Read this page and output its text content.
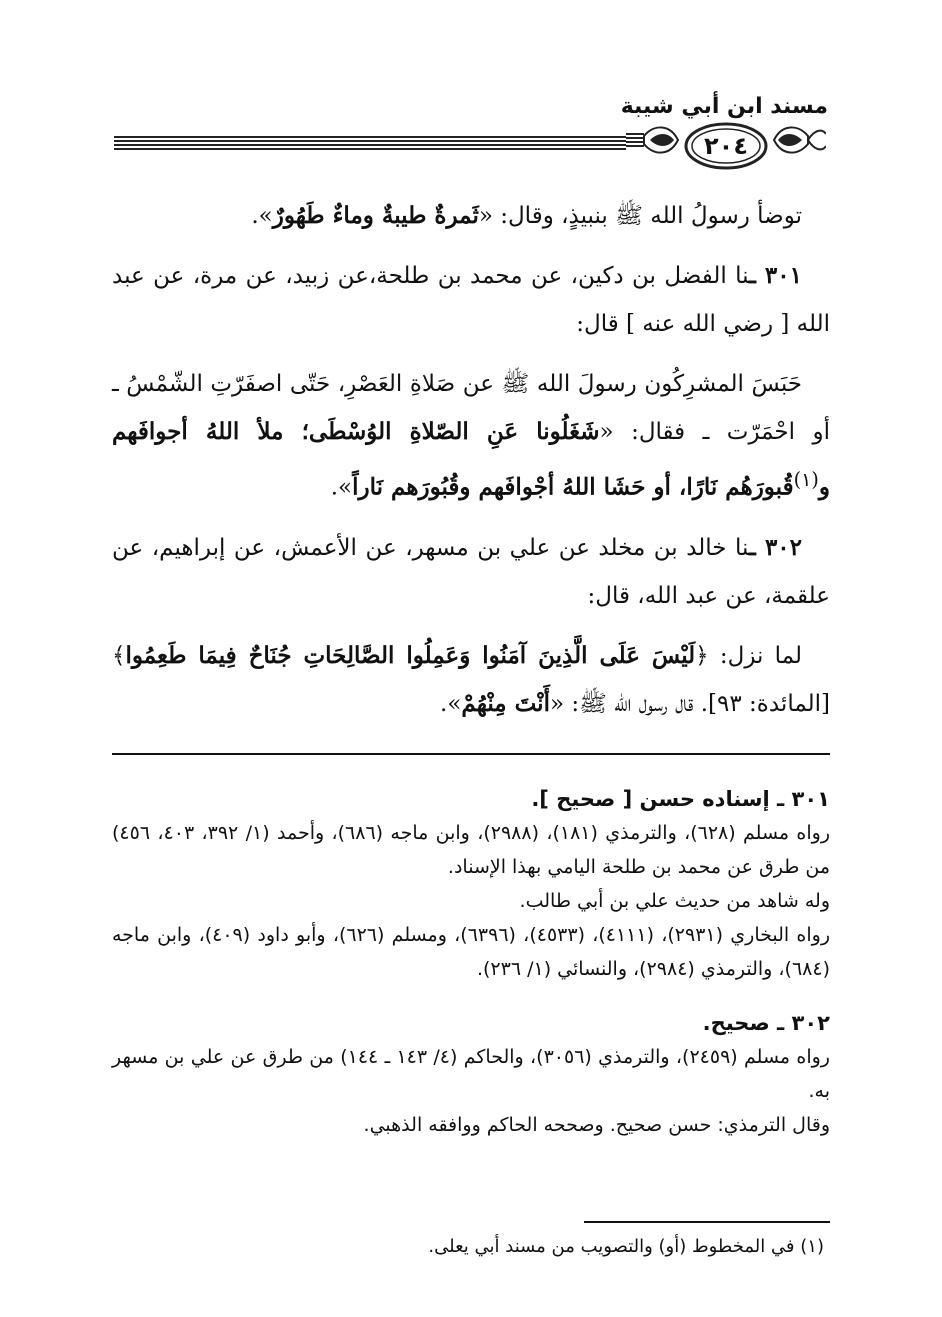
مسند ابن أبي شيبة
٢٠٤

توضأ رسولُ الله ﷺ بنبيذٍ، وقال: «ثَمرةٌ طيبةٌ وماءٌ طَهُورٌ».

٣٠١ ـنا الفضل بن دكين، عن محمد بن طلحة،عن زبيد، عن مرة، عن عبد الله [ رضي الله عنه ] قال:

حَبَسَ المشرِكُون رسولَ الله ﷺ عن صَلاةِ العَصْرِ، حَتّى اصفَرّتِ الشّمْسُ ـ أو احْمَرّت ـ فقال: «شَغَلُونا عَنِ الصّلاةِ الوُسْطَى؛ ملأ اللهُ أجوافَهم و$^{(١)}$قُبورَهُم نَارًا، أو حَشَا اللهُ أجْوافَهم وقُبُورَهم نَاراً».

٣٠٢ ـنا خالد بن مخلد عن علي بن مسهر، عن الأعمش، عن إبراهيم، عن علقمة، عن عبد الله، قال:

لما نزل: ﴿لَيْسَ عَلَى الَّذِينَ آمَنُوا وَعَمِلُوا الصَّالِحَاتِ جُنَاحٌ فِيمَا طَعِمُوا﴾ [المائدة: ٩٣]. قال رسول الله ﷺ: «أَنْتَ مِنْهُمْ».

٣٠١ ـ إسناده حسن [ صحيح ].

رواه مسلم (٦٢٨)، والترمذي (١٨١)، (٢٩٨٨)، وابن ماجه (٦٨٦)، وأحمد (١/ ٣٩٢، ٤٠٣، ٤٥٦) من طرق عن محمد بن طلحة اليامي بهذا الإسناد.

وله شاهد من حديث علي بن أبي طالب.

رواه البخاري (٢٩٣١)، (٤١١١)، (٤٥٣٣)، (٦٣٩٦)، ومسلم (٦٢٦)، وأبو داود (٤٠٩)، وابن ماجه (٦٨٤)، والترمذي (٢٩٨٤)، والنسائي (١/ ٢٣٦).

٣٠٢ ـ صحيح.

رواه مسلم (٢٤٥٩)، والترمذي (٣٠٥٦)، والحاكم (٤/ ١٤٣ ـ ١٤٤) من طرق عن علي بن مسهر به.

وقال الترمذي: حسن صحيح. وصححه الحاكم ووافقه الذهبي.

(١) في المخطوط (أو) والتصويب من مسند أبي يعلى.
